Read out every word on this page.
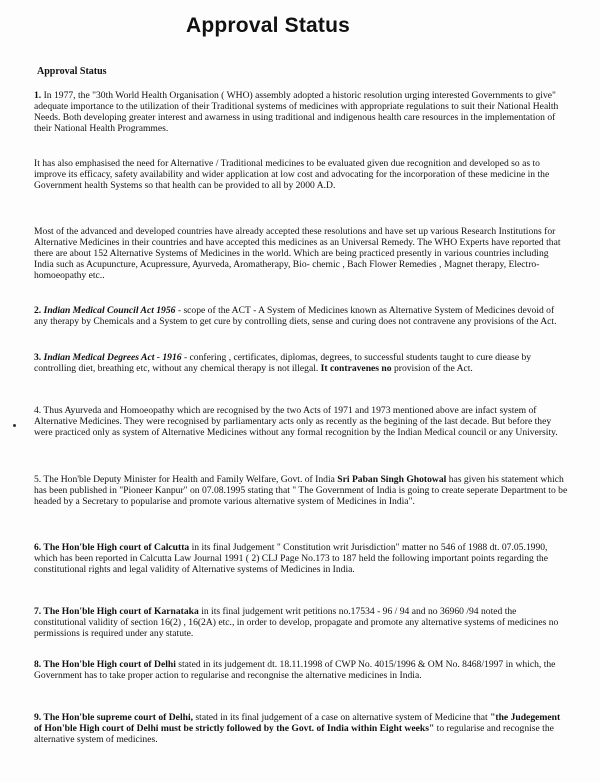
Approval Status
Approval Status
1. In 1977, the "30th World Health Organisation ( WHO) assembly adopted a historic resolution urging interested Governments to give" adequate importance to the utilization of their Traditional systems of medicines with appropriate regulations to suit their National Health Needs. Both developing greater interest and awarness in using traditional and indigenous health care resources in the implementation of their National Health Programmes.
It has also emphasised the need for Alternative / Traditional medicines to be evaluated given due recognition and developed so as to improve its efficacy, safety availability and wider application at low cost and advocating for the incorporation of these medicine in the Government health Systems so that health can be provided to all by 2000 A.D.
Most of the advanced and developed countries have already accepted these resolutions and have set up various Research Institutions for Alternative Medicines in their countries and have accepted this medicines as an Universal Remedy. The WHO Experts have reported that there are about 152 Alternative Systems of Medicines in the world. Which are being practiced presently in various countries including India such as Acupuncture, Acupressure, Ayurveda, Aromatherapy, Bio- chemic , Bach Flower Remedies , Magnet therapy, Electro- homoeopathy etc..
2. Indian Medical Council Act 1956 - scope of the ACT - A System of Medicines known as Alternative System of Medicines devoid of any therapy by Chemicals and a System to get cure by controlling diets, sense and curing does not contravene any provisions of the Act.
3. Indian Medical Degrees Act - 1916 - confering , certificates, diplomas, degrees, to successful students taught to cure diease by controlling diet, breathing etc, without any chemical therapy is not illegal. It contravenes no provision of the Act.
4. Thus Ayurveda and Homoeopathy which are recognised by the two Acts of 1971 and 1973 mentioned above are infact system of Alternative Medicines. They were recognised by parliamentary acts only as recently as the begining of the last decade. But before they were practiced only as system of Alternative Medicines without any formal recognition by the Indian Medical council or any University.
5. The Hon'ble Deputy Minister for Health and Family Welfare, Govt. of India Sri Paban Singh Ghotowal has given his statement which has been published in "Pioneer Kanpur" on 07.08.1995 stating that " The Government of India is going to create seperate Department to be headed by a Secretary to popularise and promote various alternative system of Medicines in India".
6. The Hon'ble High court of Calcutta in its final Judgement " Constitution writ Jurisdiction" matter no 546 of 1988 dt. 07.05.1990, which has been reported in Calcutta Law Journal 1991 ( 2) CLJ Page No.173 to 187 held the following important points regarding the constitutional rights and legal validity of Alternative systems of Medicines in India.
7. The Hon'ble High court of Karnataka in its final judgement writ petitions no.17534 - 96 / 94 and no 36960 /94 noted the constitutional validity of section 16(2) , 16(2A) etc., in order to develop, propagate and promote any alternative systems of medicines no permissions is required under any statute.
8. The Hon'ble High court of Delhi stated in its judgement dt. 18.11.1998 of CWP No. 4015/1996 & OM No. 8468/1997 in which, the Government has to take proper action to regularise and recongnise the alternative medicines in India.
9. The Hon'ble supreme court of Delhi, stated in its final judgement of a case on alternative system of Medicine that "the Judegement of Hon'ble High court of Delhi must be strictly followed by the Govt. of India within Eight weeks" to regularise and recognise the alternative system of medicines.
